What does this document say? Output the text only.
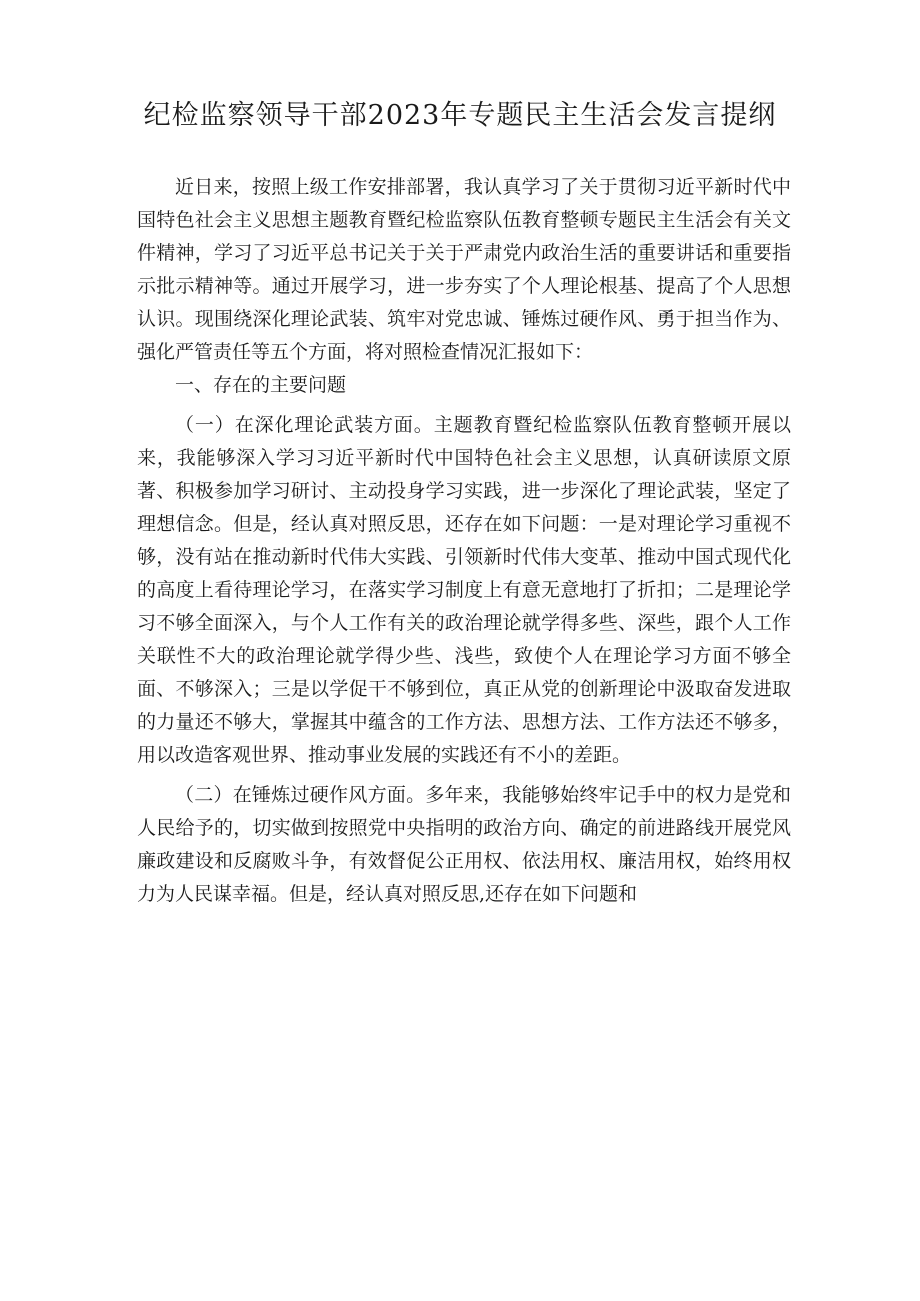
纪检监察领导干部2023年专题民主生活会发言提纲

近日来，按照上级工作安排部署，我认真学习了关于贯彻习近平新时代中国特色社会主义思想主题教育暨纪检监察队伍教育整顿专题民主生活会有关文件精神，学习了习近平总书记关于关于严肃党内政治生活的重要讲话和重要指示批示精神等。通过开展学习，进一步夯实了个人理论根基、提高了个人思想认识。现围绕深化理论武装、筑牢对党忠诚、锤炼过硬作风、勇于担当作为、强化严管责任等五个方面，将对照检查情况汇报如下：

一、存在的主要问题

（一）在深化理论武装方面。主题教育暨纪检监察队伍教育整顿开展以来，我能够深入学习习近平新时代中国特色社会主义思想，认真研读原文原著、积极参加学习研讨、主动投身学习实践，进一步深化了理论武装，坚定了理想信念。但是，经认真对照反思，还存在如下问题：一是对理论学习重视不够，没有站在推动新时代伟大实践、引领新时代伟大变革、推动中国式现代化的高度上看待理论学习，在落实学习制度上有意无意地打了折扣；二是理论学习不够全面深入，与个人工作有关的政治理论就学得多些、深些，跟个人工作关联性不大的政治理论就学得少些、浅些，致使个人在理论学习方面不够全面、不够深入；三是以学促干不够到位，真正从党的创新理论中汲取奋发进取的力量还不够大，掌握其中蕴含的工作方法、思想方法、工作方法还不够多，用以改造客观世界、推动事业发展的实践还有不小的差距。

（二）在锤炼过硬作风方面。多年来，我能够始终牢记手中的权力是党和人民给予的，切实做到按照党中央指明的政治方向、确定的前进路线开展党风廉政建设和反腐败斗争，有效督促公正用权、依法用权、廉洁用权，始终用权力为人民谋幸福。但是，经认真对照反思,还存在如下问题和
